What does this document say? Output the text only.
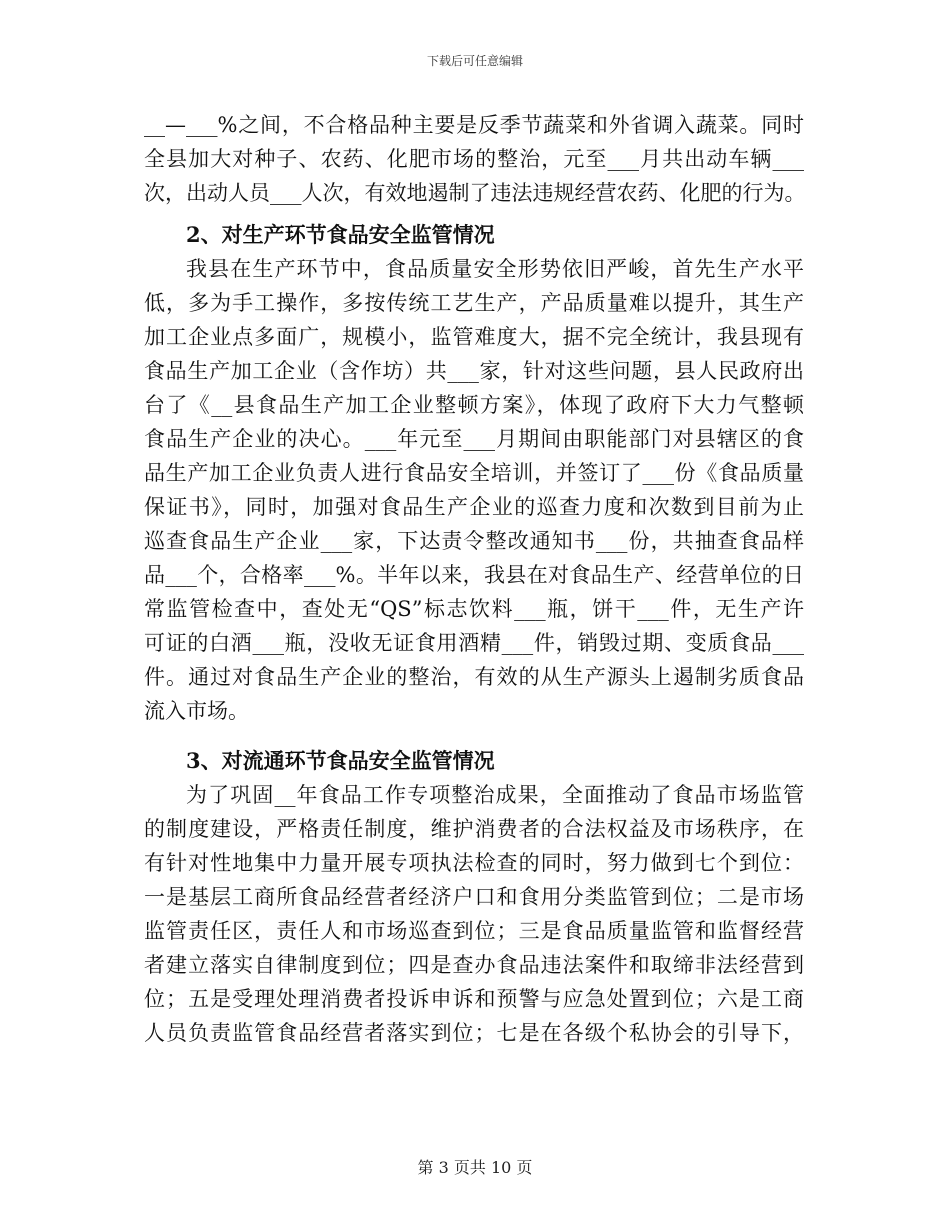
下载后可任意编辑
__—___%之间，不合格品种主要是反季节蔬菜和外省调入蔬菜。同时
全县加大对种子、农药、化肥市场的整治，元至___月共出动车辆___
次，出动人员___人次，有效地遏制了违法违规经营农药、化肥的行为。
2、对生产环节食品安全监管情况
我县在生产环节中，食品质量安全形势依旧严峻，首先生产水平
低，多为手工操作，多按传统工艺生产，产品质量难以提升，其生产
加工企业点多面广，规模小，监管难度大，据不完全统计，我县现有
食品生产加工企业（含作坊）共___家，针对这些问题，县人民政府出
台了《__县食品生产加工企业整顿方案》，体现了政府下大力气整顿
食品生产企业的决心。___年元至___月期间由职能部门对县辖区的食
品生产加工企业负责人进行食品安全培训，并签订了___份《食品质量
保证书》，同时，加强对食品生产企业的巡查力度和次数到目前为止
巡查食品生产企业___家，下达责令整改通知书___份，共抽查食品样
品___个，合格率___%。半年以来，我县在对食品生产、经营单位的日
常监管检查中，查处无“QS”标志饮料___瓶，饼干___件，无生产许
可证的白酒___瓶，没收无证食用酒精___件，销毁过期、变质食品___
件。通过对食品生产企业的整治，有效的从生产源头上遏制劣质食品
流入市场。
3、对流通环节食品安全监管情况
为了巩固__年食品工作专项整治成果，全面推动了食品市场监管
的制度建设，严格责任制度，维护消费者的合法权益及市场秩序，在
有针对性地集中力量开展专项执法检查的同时，努力做到七个到位：
一是基层工商所食品经营者经济户口和食用分类监管到位；二是市场
监管责任区，责任人和市场巡查到位；三是食品质量监管和监督经营
者建立落实自律制度到位；四是查办食品违法案件和取缔非法经营到
位；五是受理处理消费者投诉申诉和预警与应急处置到位；六是工商
人员负责监管食品经营者落实到位；七是在各级个私协会的引导下，
第 3 页共 10 页
